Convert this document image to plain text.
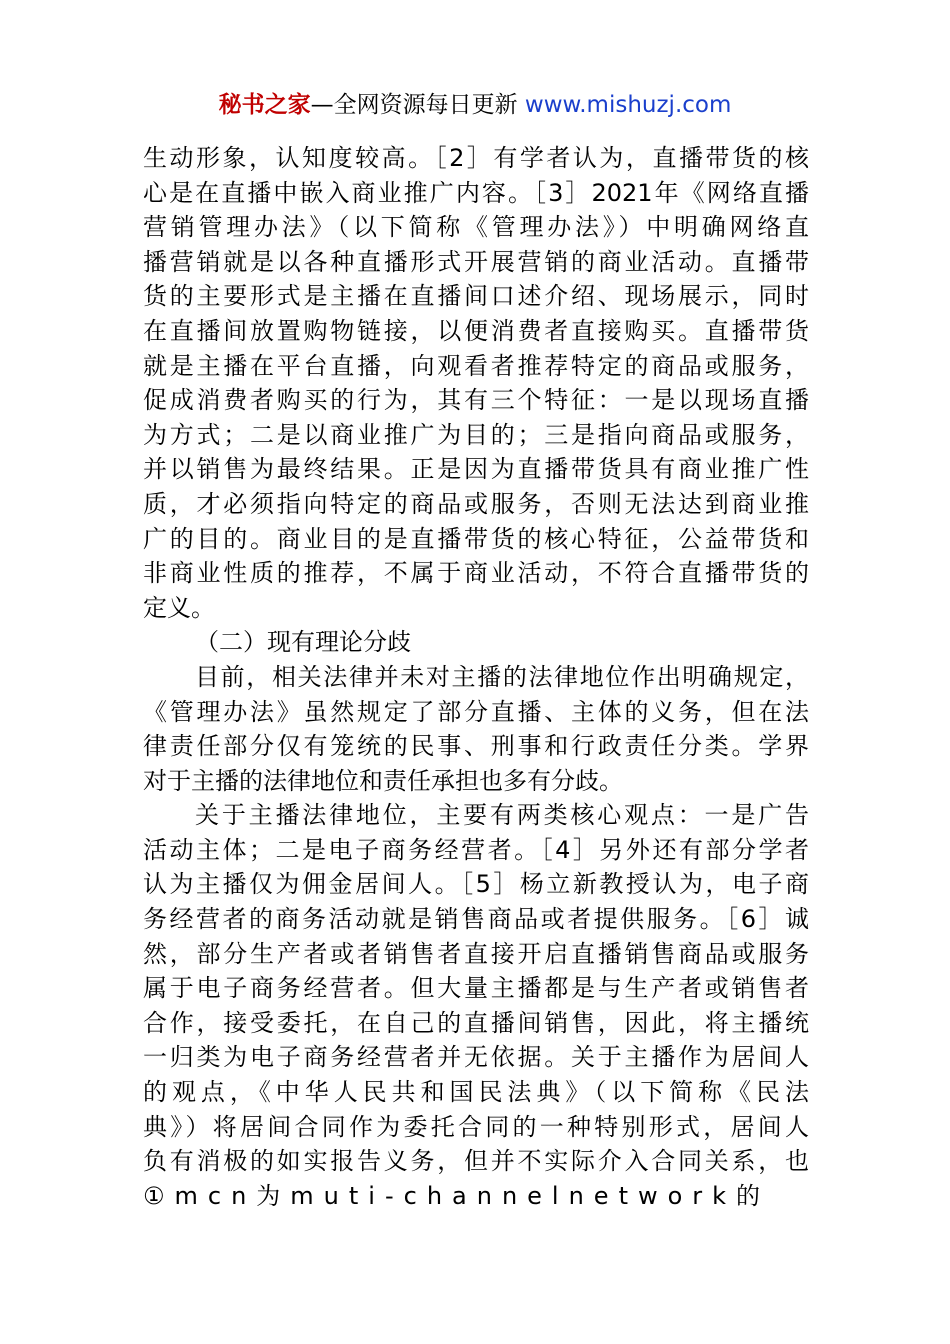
秘书之家—全网资源每日更新 www.mishuzj.com
生动形象，认知度较高。［2］有学者认为，直播带货的核
心是在直播中嵌入商业推广内容。［3］2021年《网络直播
营销管理办法》（以下简称《管理办法》）中明确网络直
播营销就是以各种直播形式开展营销的商业活动。直播带
货的主要形式是主播在直播间口述介绍、现场展示，同时
在直播间放置购物链接，以便消费者直接购买。直播带货
就是主播在平台直播，向观看者推荐特定的商品或服务，
促成消费者购买的行为，其有三个特征：一是以现场直播
为方式；二是以商业推广为目的；三是指向商品或服务，
并以销售为最终结果。正是因为直播带货具有商业推广性
质，才必须指向特定的商品或服务，否则无法达到商业推
广的目的。商业目的是直播带货的核心特征，公益带货和
非商业性质的推荐，不属于商业活动，不符合直播带货的
定义。
（二）现有理论分歧
目前，相关法律并未对主播的法律地位作出明确规定，
《管理办法》虽然规定了部分直播、主体的义务，但在法
律责任部分仅有笼统的民事、刑事和行政责任分类。学界
对于主播的法律地位和责任承担也多有分歧。
关于主播法律地位，主要有两类核心观点：一是广告
活动主体；二是电子商务经营者。［4］另外还有部分学者
认为主播仅为佣金居间人。［5］杨立新教授认为，电子商
务经营者的商务活动就是销售商品或者提供服务。［6］诚
然，部分生产者或者销售者直接开启直播销售商品或服务
属于电子商务经营者。但大量主播都是与生产者或销售者
合作，接受委托，在自己的直播间销售，因此，将主播统
一归类为电子商务经营者并无依据。关于主播作为居间人
的观点，《中华人民共和国民法典》（以下简称《民法
典》）将居间合同作为委托合同的一种特别形式，居间人
负有消极的如实报告义务，但并不实际介入合同关系，也
①mcn为muti-channelnetwork的
